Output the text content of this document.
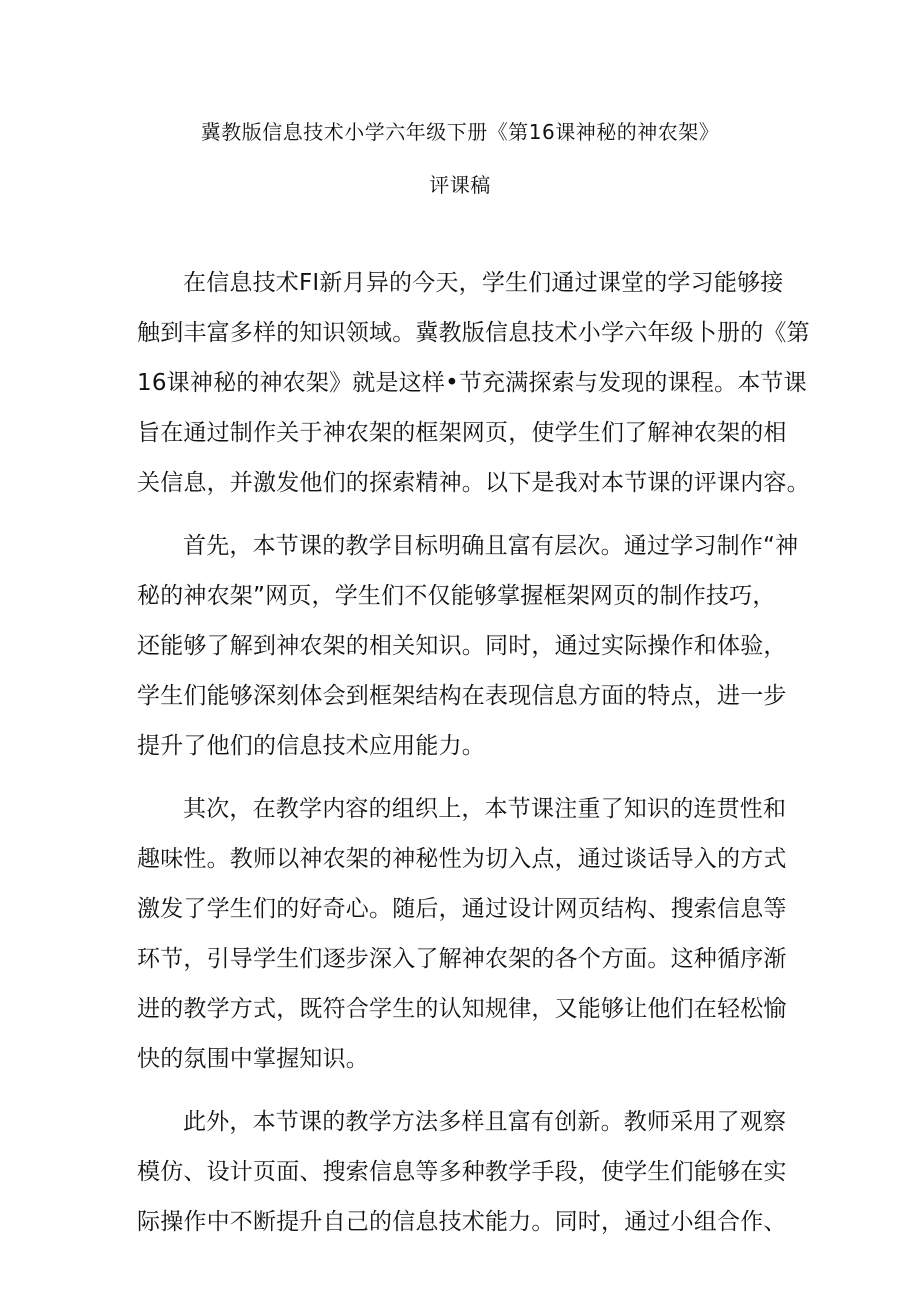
冀教版信息技术小学六年级下册《第16课神秘的神农架》
评课稿
在信息技术FI新月异的今天，学生们通过课堂的学习能够接
触到丰富多样的知识领域。冀教版信息技术小学六年级卜册的《第
16课神秘的神农架》就是这样•节充满探索与发现的课程。本节课
旨在通过制作关于神农架的框架网页，使学生们了解神农架的相
关信息，并激发他们的探索精神。以下是我对本节课的评课内容。
首先，本节课的教学目标明确且富有层次。通过学习制作“神
秘的神农架”网页，学生们不仅能够掌握框架网页的制作技巧，
还能够了解到神农架的相关知识。同时，通过实际操作和体验，
学生们能够深刻体会到框架结构在表现信息方面的特点，进一步
提升了他们的信息技术应用能力。
其次，在教学内容的组织上，本节课注重了知识的连贯性和
趣味性。教师以神农架的神秘性为切入点，通过谈话导入的方式
激发了学生们的好奇心。随后，通过设计网页结构、搜索信息等
环节，引导学生们逐步深入了解神农架的各个方面。这种循序渐
进的教学方式，既符合学生的认知规律，又能够让他们在轻松愉
快的氛围中掌握知识。
此外，本节课的教学方法多样且富有创新。教师采用了观察
模仿、设计页面、搜索信息等多种教学手段，使学生们能够在实
际操作中不断提升自己的信息技术能力。同时，通过小组合作、
